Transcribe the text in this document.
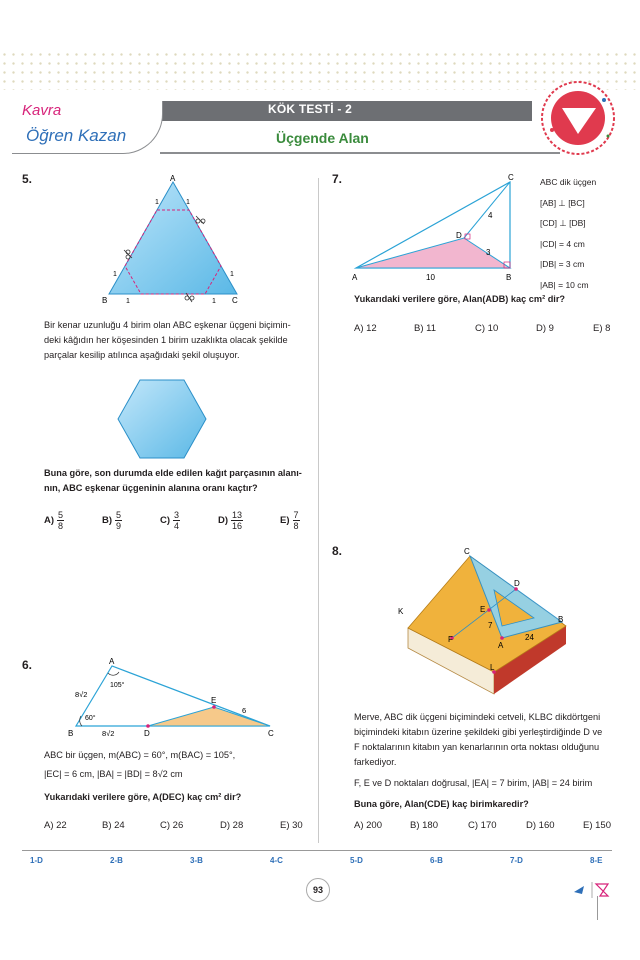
Kavra
Öğren Kazan
KÖK TESTİ - 2
Üçgende Alan
5.	A
B	C
1	1
1	1
1	1
Bir kenar uzunluğu 4 birim olan ABC eşkenar üçgeni biçimin-
deki kâğıdın her köşesinden 1 birim uzaklıkta olacak şekilde
parçalar kesilip atılınca aşağıdaki şekil oluşuyor.
Buna göre, son durumda elde edilen kağıt parçasının alanı-
nın, ABC eşkenar üçgeninin alanına oranı kaçtır?
$A) \frac{5}{8}$	$B) \frac{5}{9}$	$C) \frac{3}{4}$	$D) \frac{13}{16}$	$E) \frac{7}{8}$
6.	A
B	C
D
E
105°
60°
8√2
8√2
6
ABC bir üçgen, m(ABC) = 60°, m(BAC) = 105°,
|EC| = 6 cm, |BA| = |BD| = 8√2 cm
Yukarıdaki verilere göre, A(DEC) kaç cm² dir?
A) 22	B) 24	C) 26	D) 28	E) 30
7.	C
A	B
D
4
3
10
ABC dik üçgen
[AB] ⊥ [BC]
[CD] ⊥ [DB]
|CD| = 4 cm
|DB| = 3 cm
|AB| = 10 cm
Yukarıdaki verilere göre, Alan(ADB) kaç cm² dir?
A) 12	B) 11	C) 10	D) 9	E) 8
8.	C
D
E
K
F
A
B
L
7
24
Merve, ABC dik üçgeni biçimindeki cetveli, KLBC dikdörtgeni
biçimindeki kitabın üzerine şekildeki gibi yerleştirdiğinde D ve
F noktalarının kitabın yan kenarlarının orta noktası olduğunu
farkediyor.
F, E ve D noktaları doğrusal, |EA| = 7 birim, |AB| = 24 birim
Buna göre, Alan(CDE) kaç birimkaredir?
A) 200	B) 180	C) 170	D) 160	E) 150
1-D	2-B	3-B	4-C	5-D	6-B	7-D	8-E
93
